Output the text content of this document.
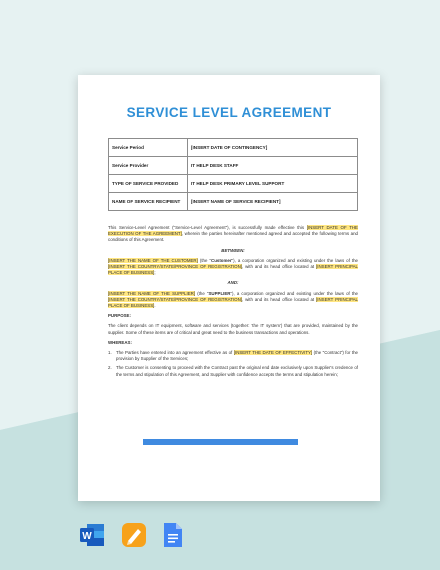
SERVICE LEVEL AGREEMENT
Service Period	[INSERT DATE OF CONTINGENCY]
Service Provider	IT HELP DESK STAFF
TYPE OF SERVICE PROVIDED	IT HELP DESK PRIMARY LEVEL SUPPORT
NAME OF SERVICE RECIPIENT	[INSERT NAME OF SERVICE RECIPIENT]

This Service-Level Agreement ("Service-Level Agreement"), is successfully made effective this [INSERT DATE OF THE EXECUTION OF THE AGREEMENT], wherein the parties hereinafter mentioned agreed and accepted the following terms and conditions of this Agreement.

BETWEEN:

[INSERT THE NAME OF THE CUSTOMER] (the "Customer"), a corporation organized and existing under the laws of the [INSERT THE COUNTRY/STATE/PROVINCE OF REGISTRATION], with and its head office located at [INSERT PRINCIPAL PLACE OF BUSINESS];

AND:

[INSERT THE NAME OF THE SUPPLIER] (the "SUPPLIER"), a corporation organized and existing under the laws of the [INSERT THE COUNTRY/STATE/PROVINCE OF REGISTRATION], with and its head office located at [INSERT PRINCIPAL PLACE OF BUSINESS].

PURPOSE:

The client depends on IT equipment, software and services (together: 'the IT system') that are provided, maintained by the supplier. Some of these items are of critical and great need to the business transactions and operations.

WHEREAS:

1. The Parties have entered into an agreement effective as of [INSERT THE DATE OF EFFECTIVITY] (the "Contract") for the provision by Supplier of the Services;
2. The Customer is consenting to proceed with the Contract past the original end date exclusively upon Supplier's credence of the terms and stipulation of this Agreement, and Supplier with confidence accepts the terms and stipulation herein;
W
